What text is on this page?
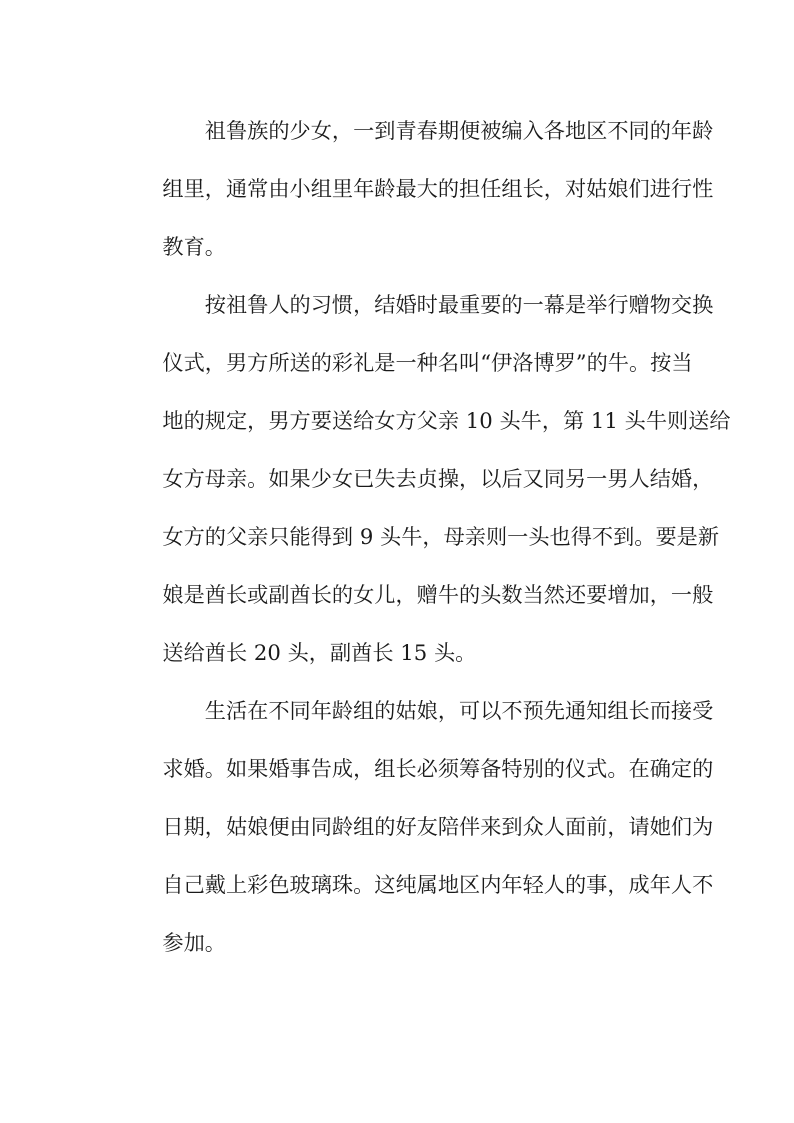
祖鲁族的少女，一到青春期便被编入各地区不同的年龄
组里，通常由小组里年龄最大的担任组长，对姑娘们进行性
教育。
按祖鲁人的习惯，结婚时最重要的一幕是举行赠物交换
仪式，男方所送的彩礼是一种名叫“伊洛博罗”的牛。按当
地的规定，男方要送给女方父亲 10 头牛，第 11 头牛则送给
女方母亲。如果少女已失去贞操，以后又同另一男人结婚，
女方的父亲只能得到 9 头牛，母亲则一头也得不到。要是新
娘是酋长或副酋长的女儿，赠牛的头数当然还要增加，一般
送给酋长 20 头，副酋长 15 头。
生活在不同年龄组的姑娘，可以不预先通知组长而接受
求婚。如果婚事告成，组长必须筹备特别的仪式。在确定的
日期，姑娘便由同龄组的好友陪伴来到众人面前，请她们为
自己戴上彩色玻璃珠。这纯属地区内年轻人的事，成年人不
参加。
